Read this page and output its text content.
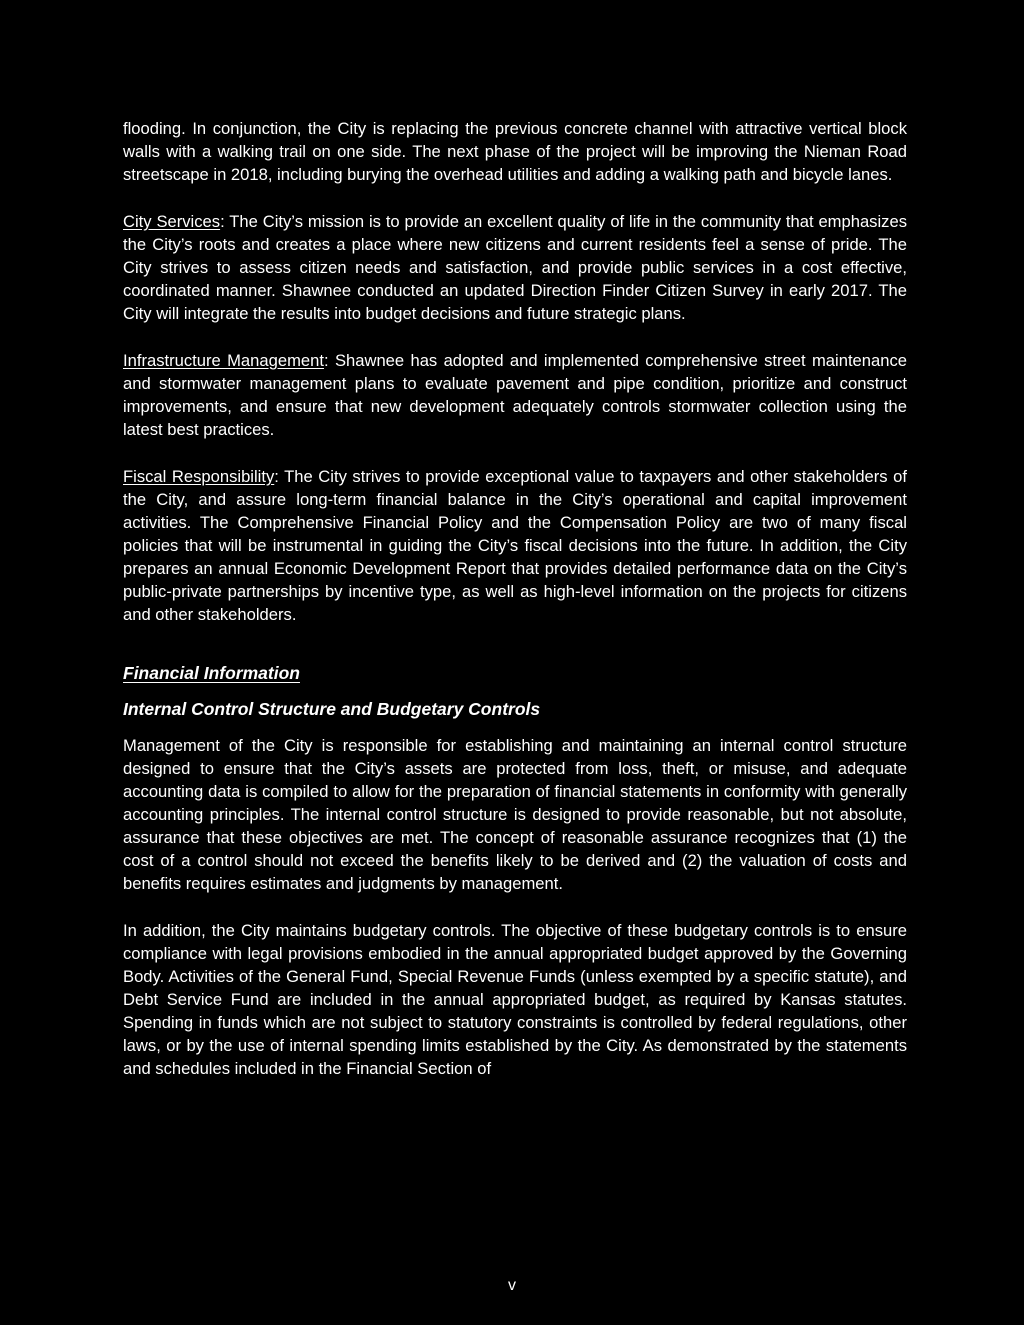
flooding. In conjunction, the City is replacing the previous concrete channel with attractive vertical block walls with a walking trail on one side. The next phase of the project will be improving the Nieman Road streetscape in 2018, including burying the overhead utilities and adding a walking path and bicycle lanes.

City Services: The City’s mission is to provide an excellent quality of life in the community that emphasizes the City’s roots and creates a place where new citizens and current residents feel a sense of pride. The City strives to assess citizen needs and satisfaction, and provide public services in a cost effective, coordinated manner. Shawnee conducted an updated Direction Finder Citizen Survey in early 2017. The City will integrate the results into budget decisions and future strategic plans.

Infrastructure Management: Shawnee has adopted and implemented comprehensive street maintenance and stormwater management plans to evaluate pavement and pipe condition, prioritize and construct improvements, and ensure that new development adequately controls stormwater collection using the latest best practices.

Fiscal Responsibility: The City strives to provide exceptional value to taxpayers and other stakeholders of the City, and assure long-term financial balance in the City’s operational and capital improvement activities. The Comprehensive Financial Policy and the Compensation Policy are two of many fiscal policies that will be instrumental in guiding the City’s fiscal decisions into the future. In addition, the City prepares an annual Economic Development Report that provides detailed performance data on the City’s public-private partnerships by incentive type, as well as high-level information on the projects for citizens and other stakeholders.

Financial Information

Internal Control Structure and Budgetary Controls

Management of the City is responsible for establishing and maintaining an internal control structure designed to ensure that the City’s assets are protected from loss, theft, or misuse, and adequate accounting data is compiled to allow for the preparation of financial statements in conformity with generally accounting principles. The internal control structure is designed to provide reasonable, but not absolute, assurance that these objectives are met. The concept of reasonable assurance recognizes that (1) the cost of a control should not exceed the benefits likely to be derived and (2) the valuation of costs and benefits requires estimates and judgments by management.

In addition, the City maintains budgetary controls. The objective of these budgetary controls is to ensure compliance with legal provisions embodied in the annual appropriated budget approved by the Governing Body. Activities of the General Fund, Special Revenue Funds (unless exempted by a specific statute), and Debt Service Fund are included in the annual appropriated budget, as required by Kansas statutes. Spending in funds which are not subject to statutory constraints is controlled by federal regulations, other laws, or by the use of internal spending limits established by the City. As demonstrated by the statements and schedules included in the Financial Section of

v
